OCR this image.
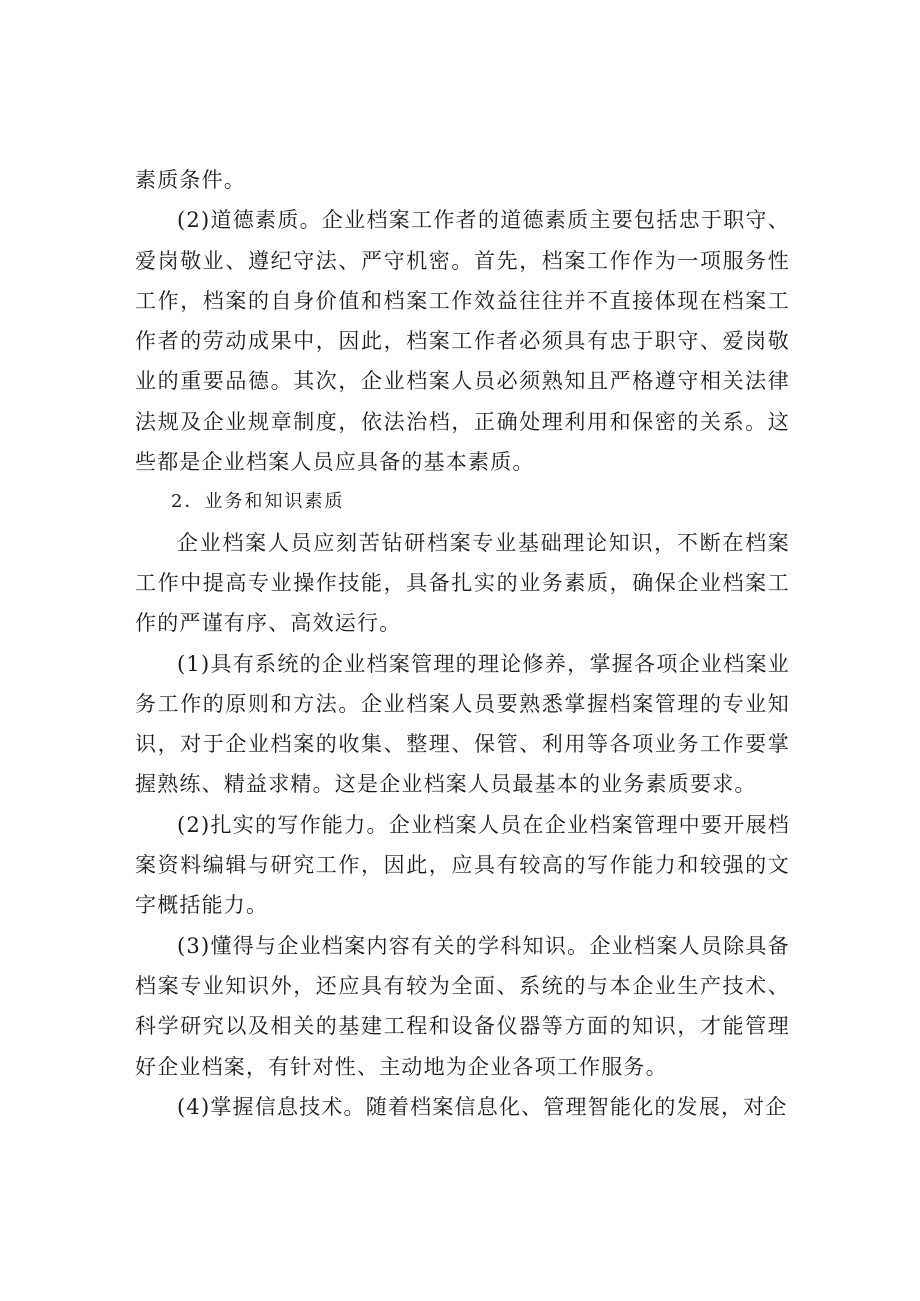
素质条件。

(2)道德素质。企业档案工作者的道德素质主要包括忠于职守、爱岗敬业、遵纪守法、严守机密。首先，档案工作作为一项服务性工作，档案的自身价值和档案工作效益往往并不直接体现在档案工作者的劳动成果中，因此，档案工作者必须具有忠于职守、爱岗敬业的重要品德。其次，企业档案人员必须熟知且严格遵守相关法律法规及企业规章制度，依法治档，正确处理利用和保密的关系。这些都是企业档案人员应具备的基本素质。

2．业务和知识素质

企业档案人员应刻苦钻研档案专业基础理论知识，不断在档案工作中提高专业操作技能，具备扎实的业务素质，确保企业档案工作的严谨有序、高效运行。

(1)具有系统的企业档案管理的理论修养，掌握各项企业档案业务工作的原则和方法。企业档案人员要熟悉掌握档案管理的专业知识，对于企业档案的收集、整理、保管、利用等各项业务工作要掌握熟练、精益求精。这是企业档案人员最基本的业务素质要求。

(2)扎实的写作能力。企业档案人员在企业档案管理中要开展档案资料编辑与研究工作，因此，应具有较高的写作能力和较强的文字概括能力。

(3)懂得与企业档案内容有关的学科知识。企业档案人员除具备档案专业知识外，还应具有较为全面、系统的与本企业生产技术、科学研究以及相关的基建工程和设备仪器等方面的知识，才能管理好企业档案，有针对性、主动地为企业各项工作服务。

(4)掌握信息技术。随着档案信息化、管理智能化的发展，对企
